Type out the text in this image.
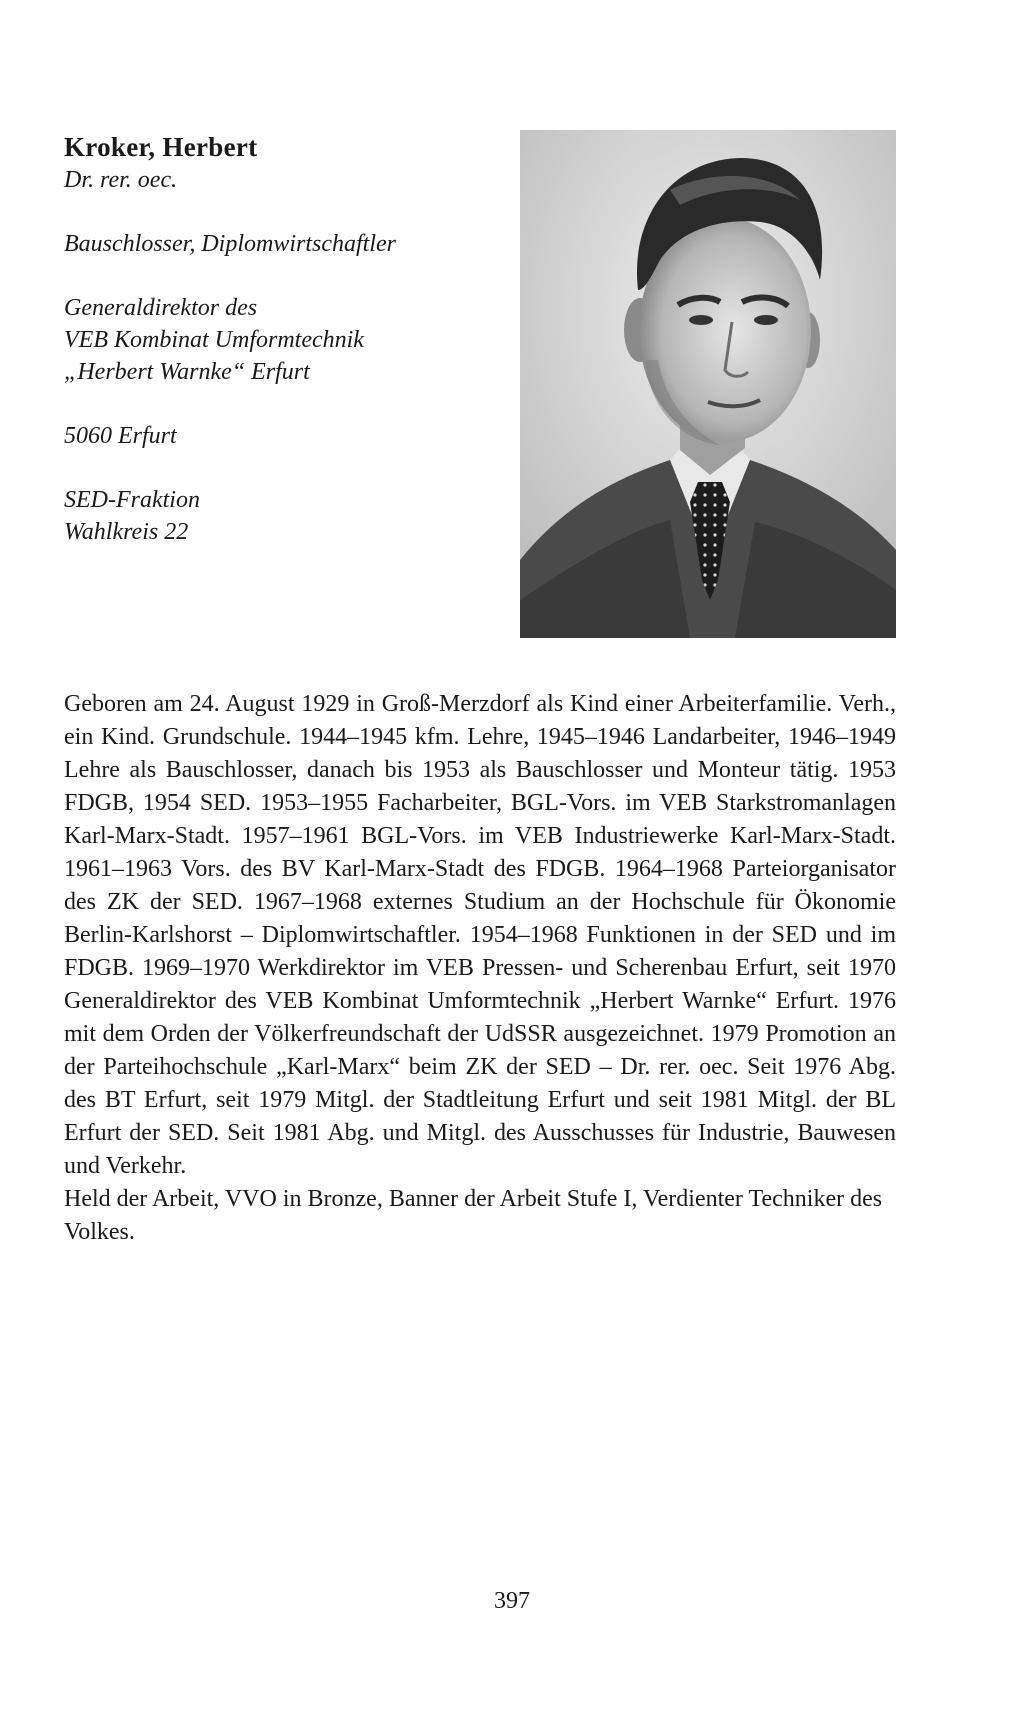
Kroker, Herbert

Dr. rer. oec.

Bauschlosser, Diplomwirtschaftler

Generaldirektor des

VEB Kombinat Umformtechnik

„Herbert Warnke“ Erfurt

5060 Erfurt

SED-Fraktion

Wahlkreis 22

Geboren am 24. August 1929 in Groß-Merzdorf als Kind einer Arbeiterfamilie. Verh., ein Kind. Grundschule. 1944–1945 kfm. Lehre, 1945–1946 Landarbeiter, 1946–1949 Lehre als Bauschlosser, danach bis 1953 als Bauschlosser und Monteur tätig. 1953 FDGB, 1954 SED. 1953–1955 Facharbeiter, BGL-Vors. im VEB Starkstromanlagen Karl-Marx-Stadt. 1957–1961 BGL-Vors. im VEB Industriewerke Karl-Marx-Stadt. 1961–1963 Vors. des BV Karl-Marx-Stadt des FDGB. 1964–1968 Parteiorganisator des ZK der SED. 1967–1968 externes Studium an der Hochschule für Ökonomie Berlin-Karlshorst – Diplomwirtschaftler. 1954–1968 Funktionen in der SED und im FDGB. 1969–1970 Werkdirektor im VEB Pressen- und Scherenbau Erfurt, seit 1970 Generaldirektor des VEB Kombinat Umformtechnik „Herbert Warnke“ Erfurt. 1976 mit dem Orden der Völkerfreundschaft der UdSSR ausgezeichnet. 1979 Promotion an der Parteihochschule „Karl-Marx“ beim ZK der SED – Dr. rer. oec. Seit 1976 Abg. des BT Erfurt, seit 1979 Mitgl. der Stadtleitung Erfurt und seit 1981 Mitgl. der BL Erfurt der SED. Seit 1981 Abg. und Mitgl. des Ausschusses für Industrie, Bauwesen und Verkehr.

Held der Arbeit, VVO in Bronze, Banner der Arbeit Stufe I, Verdienter Techniker des Volkes.

397
